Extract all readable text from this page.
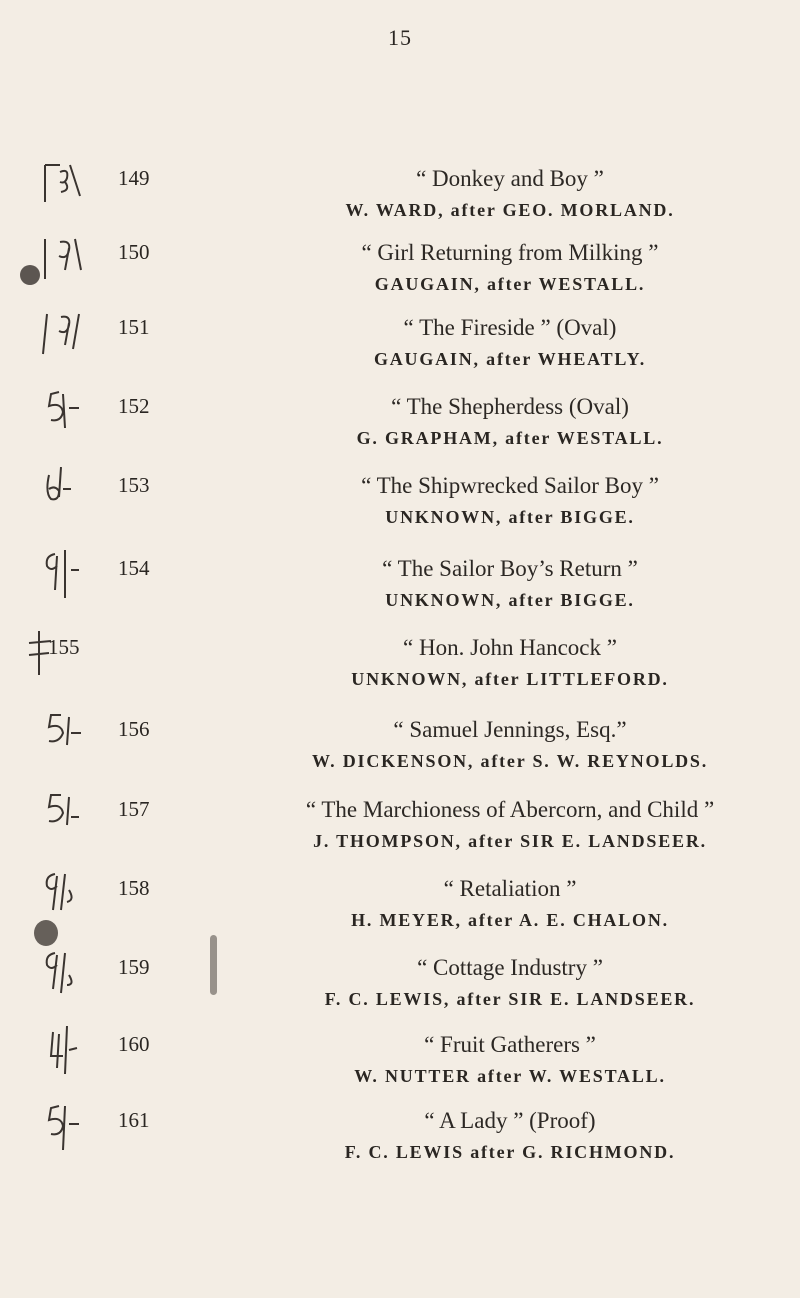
15
149	“ Donkey and Boy ”
W. WARD, after GEO. MORLAND.
150	“ Girl Returning from Milking ”
GAUGAIN, after WESTALL.
151	“ The Fireside ” (Oval)
GAUGAIN, after WHEATLY.
152	“ The Shepherdess (Oval)
G. GRAPHAM, after WESTALL.
153	“ The Shipwrecked Sailor Boy ”
UNKNOWN, after BIGGE.
154	“ The Sailor Boy’s Return ”
UNKNOWN, after BIGGE.
155	“ Hon. John Hancock ”
UNKNOWN, after LITTLEFORD.
156	“ Samuel Jennings, Esq.”
W. DICKENSON, after S. W. REYNOLDS.
157	“ The Marchioness of Abercorn, and Child ”
J. THOMPSON, after SIR E. LANDSEER.
158	“ Retaliation ”
H. MEYER, after A. E. CHALON.
159	“ Cottage Industry ”
F. C. LEWIS, after SIR E. LANDSEER.
160	“ Fruit Gatherers ”
W. NUTTER after W. WESTALL.
161	“ A Lady ” (Proof)
F. C. LEWIS after G. RICHMOND.
